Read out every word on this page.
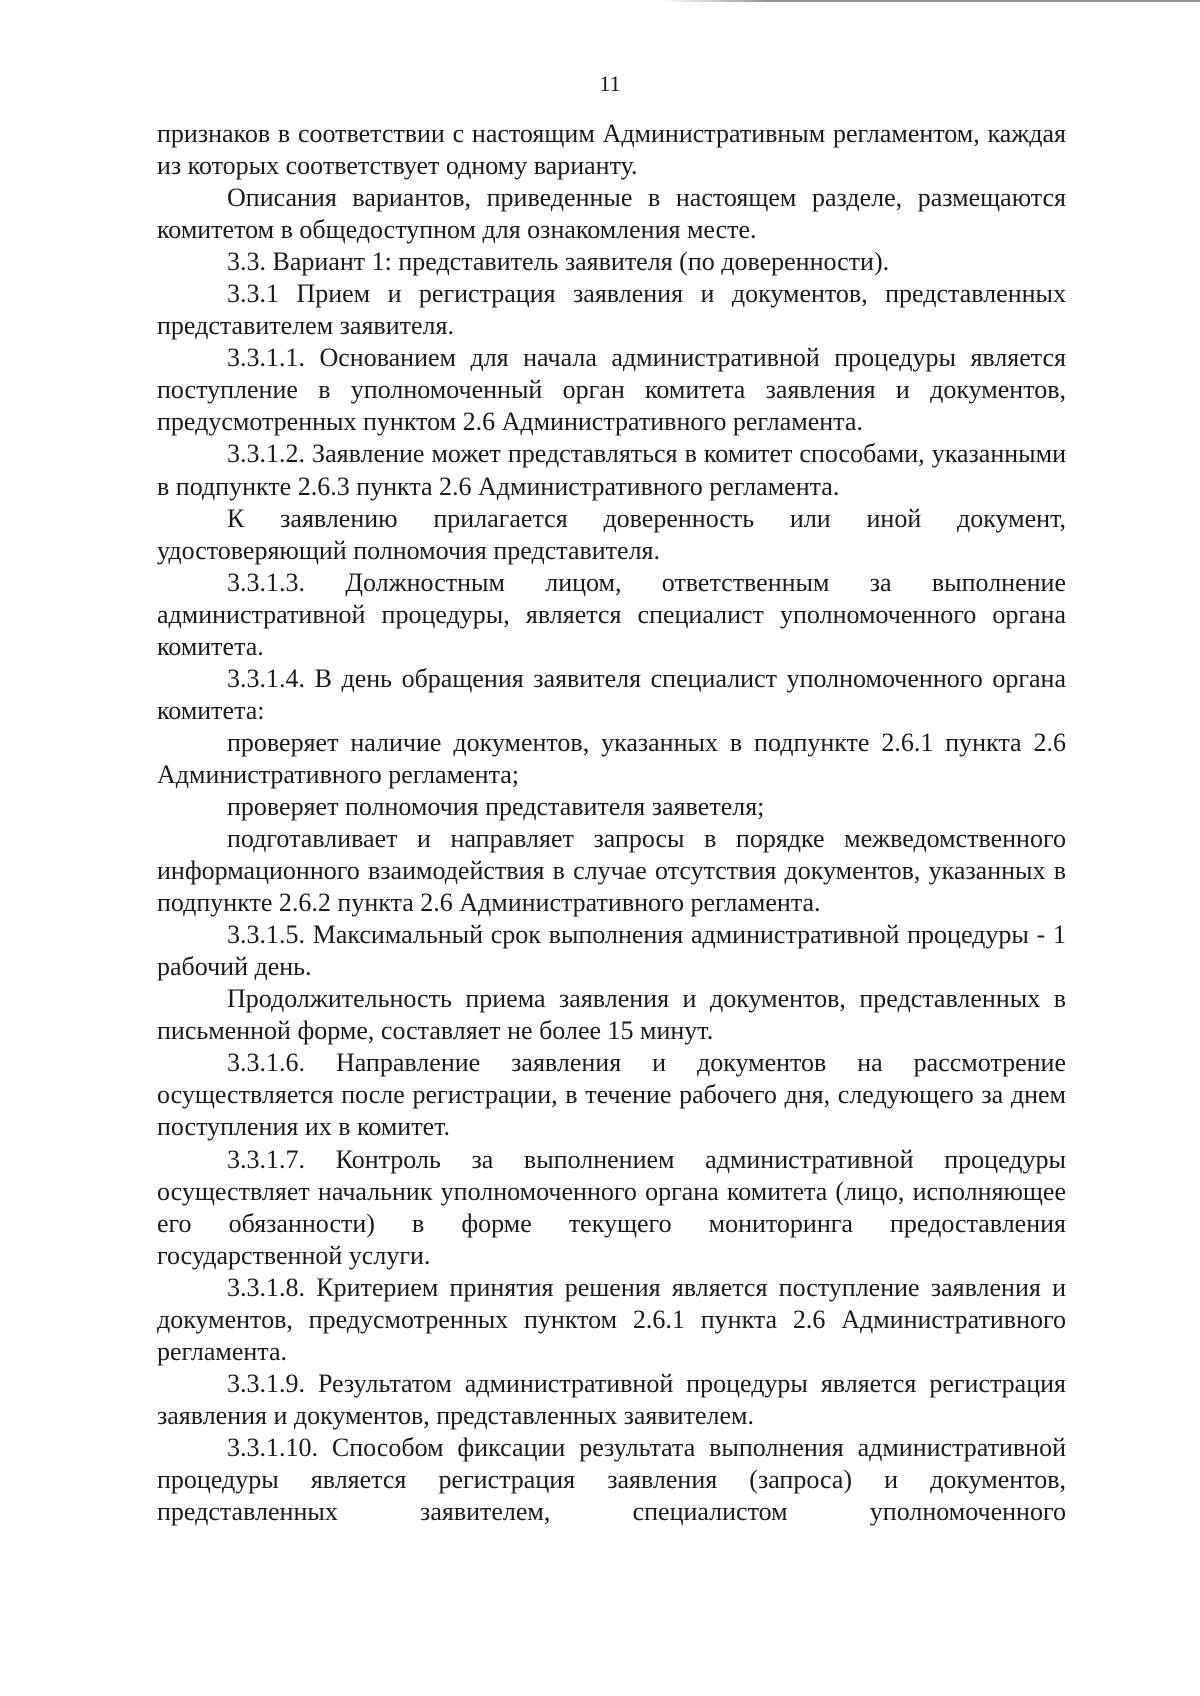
11

признаков в соответствии с настоящим Административным регламентом, каждая из которых соответствует одному варианту.

Описания вариантов, приведенные в настоящем разделе, размещаются комитетом в общедоступном для ознакомления месте.

3.3. Вариант 1: представитель заявителя (по доверенности).

3.3.1 Прием и регистрация заявления и документов, представленных представителем заявителя.

3.3.1.1. Основанием для начала административной процедуры является поступление в уполномоченный орган комитета заявления и документов, предусмотренных пунктом 2.6 Административного регламента.

3.3.1.2. Заявление может представляться в комитет способами, указанными в подпункте 2.6.3 пункта 2.6 Административного регламента.

К заявлению прилагается доверенность или иной документ, удостоверяющий полномочия представителя.

3.3.1.3. Должностным лицом, ответственным за выполнение административной процедуры, является специалист уполномоченного органа комитета.

3.3.1.4. В день обращения заявителя специалист уполномоченного органа комитета:

проверяет наличие документов, указанных в подпункте 2.6.1 пункта 2.6 Административного регламента;

проверяет полномочия представителя заявeтеля;

подготавливает и направляет запросы в порядке межведомственного информационного взаимодействия в случае отсутствия документов, указанных в подпункте 2.6.2 пункта 2.6 Административного регламента.

3.3.1.5. Максимальный срок выполнения административной процедуры - 1 рабочий день.

Продолжительность приема заявления и документов, представленных в письменной форме, составляет не более 15 минут.

3.3.1.6. Направление заявления и документов на рассмотрение осуществляется после регистрации, в течение рабочего дня, следующего за днем поступления их в комитет.

3.3.1.7. Контроль за выполнением административной процедуры осуществляет начальник уполномоченного органа комитета (лицо, исполняющее его обязанности) в форме текущего мониторинга предоставления государственной услуги.

3.3.1.8. Критерием принятия решения является поступление заявления и документов, предусмотренных пунктом 2.6.1 пункта 2.6 Административного регламента.

3.3.1.9. Результатом административной процедуры является регистрация заявления и документов, представленных заявителем.

3.3.1.10. Способом фиксации результата выполнения административной процедуры является регистрация заявления (запроса) и документов, представленных заявителем, специалистом уполномоченного
